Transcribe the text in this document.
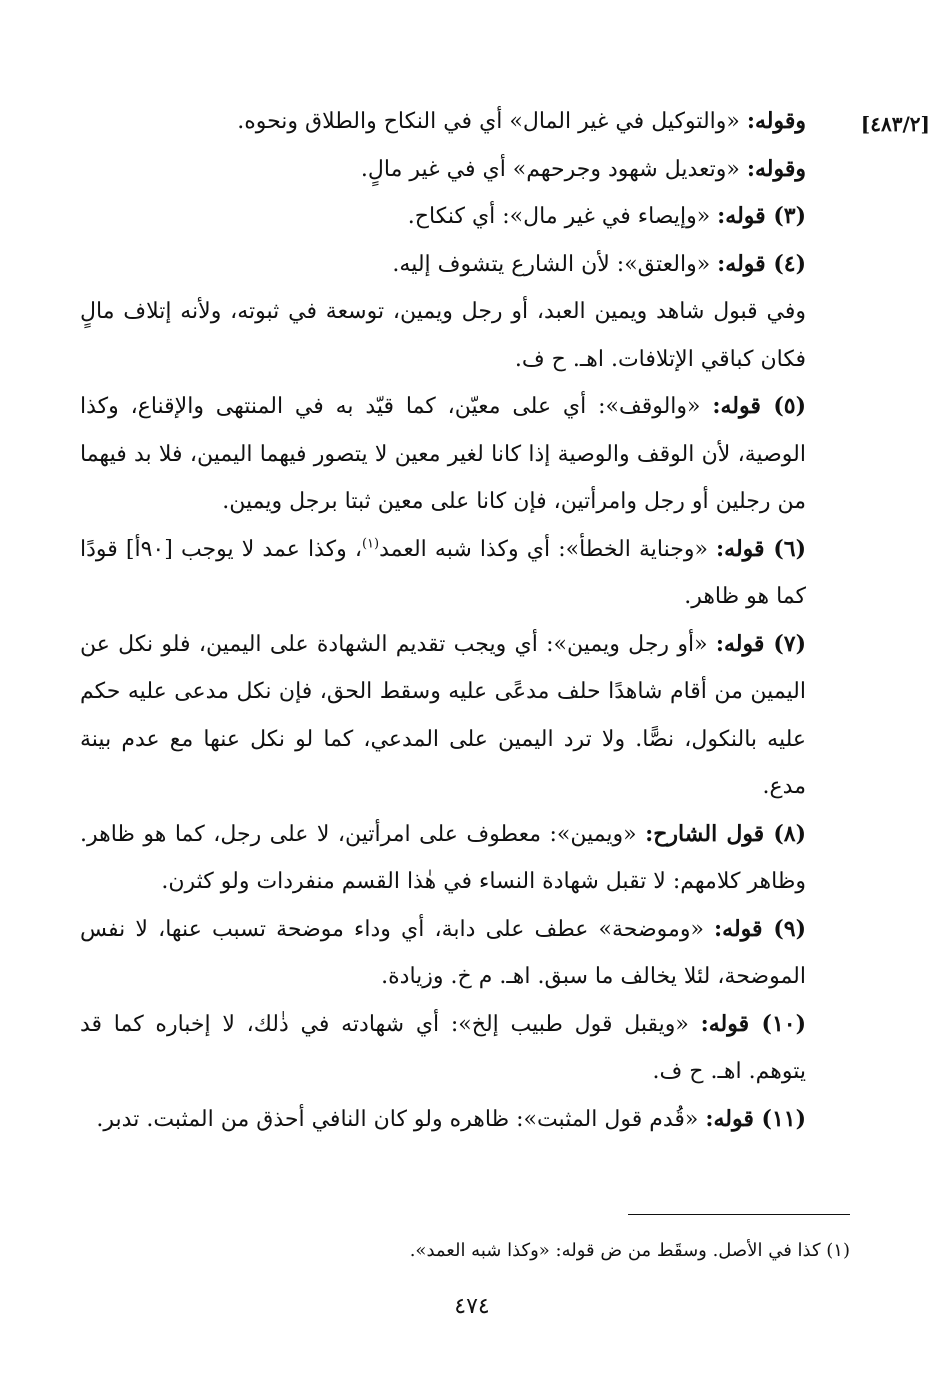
[٤٨٣/٢]

وقوله: «والتوكيل في غير المال» أي في النكاح والطلاق ونحوه.

وقوله: «وتعديل شهود وجرحهم» أي في غير مالٍ.

(٣) قوله: «وإيصاء في غير مال»: أي كنكاح.

(٤) قوله: «والعتق»: لأن الشارع يتشوف إليه.

وفي قبول شاهد ويمين العبد، أو رجل ويمين، توسعة في ثبوته، ولأنه إتلاف مالٍ فكان كباقي الإتلافات. اهـ. ح ف.

(٥) قوله: «والوقف»: أي على معيّن، كما قيّد به في المنتهى والإقناع، وكذا الوصية، لأن الوقف والوصية إذا كانا لغير معين لا يتصور فيهما اليمين، فلا بد فيهما من رجلين أو رجل وامرأتين، فإن كانا على معين ثبتا برجل ويمين.

(٦) قوله: «وجناية الخطأ»: أي وكذا شبه العمد$^{(١)}$، وكذا عمد لا يوجب [٩٠أ] قودًا كما هو ظاهر.

(٧) قوله: «أو رجل ويمين»: أي ويجب تقديم الشهادة على اليمين، فلو نكل عن اليمين من أقام شاهدًا حلف مدعًى عليه وسقط الحق، فإن نكل مدعى عليه حكم عليه بالنكول، نصًّا. ولا ترد اليمين على المدعي، كما لو نكل عنها مع عدم بينة مدع.

(٨) قول الشارح: «ويمين»: معطوف على امرأتين، لا على رجل، كما هو ظاهر. وظاهر كلامهم: لا تقبل شهادة النساء في هٰذا القسم منفردات ولو كثرن.

(٩) قوله: «وموضحة» عطف على دابة، أي وداء موضحة تسبب عنها، لا نفس الموضحة، لئلا يخالف ما سبق. اهـ. م خ. وزيادة.

(١٠) قوله: «ويقبل قول طبيب إلخ»: أي شهادته في ذٰلك، لا إخباره كما قد يتوهم. اهـ. ح ف.

(١١) قوله: «قُدم قول المثبت»: ظاهره ولو كان النافي أحذق من المثبت. تدبر.

(١) كذا في الأصل. وسقَط من ض قوله: «وكذا شبه العمد».
٤٧٤
